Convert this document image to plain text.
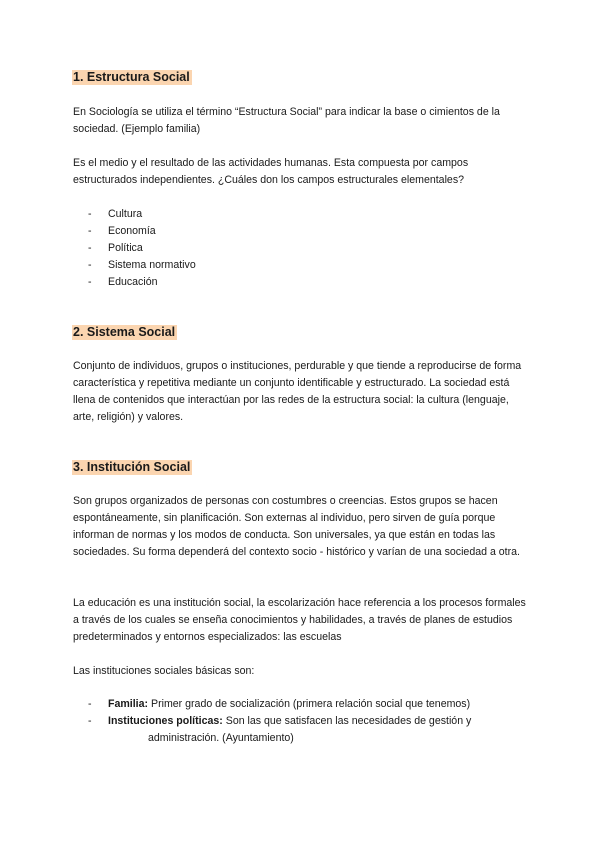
1. Estructura Social

En Sociología se utiliza el término “Estructura Social” para indicar la base o cimientos de la sociedad. (Ejemplo familia)

Es el medio y el resultado de las actividades humanas. Esta compuesta por campos estructurados independientes. ¿Cuáles don los campos estructurales elementales?

- Cultura
- Economía
- Política
- Sistema normativo
- Educación
2. Sistema Social

Conjunto de individuos, grupos o instituciones, perdurable y que tiende a reproducirse de forma característica y repetitiva mediante un conjunto identificable y estructurado. La sociedad está llena de contenidos que interactúan por las redes de la estructura social: la cultura (lenguaje, arte, religión) y valores.

3. Institución Social

Son grupos organizados de personas con costumbres o creencias. Estos grupos se hacen espontáneamente, sin planificación. Son externas al individuo, pero sirven de guía porque informan de normas y los modos de conducta. Son universales, ya que están en todas las sociedades. Su forma dependerá del contexto socio - histórico y varían de una sociedad a otra.

La educación es una institución social, la escolarización hace referencia a los procesos formales a través de los cuales se enseña conocimientos y habilidades, a través de planes de estudios predeterminados y entornos especializados: las escuelas

Las instituciones sociales básicas son:

- Familia: Primer grado de socialización (primera relación social que tenemos)
- Instituciones políticas: Son las que satisfacen las necesidades de gestión y
administración. (Ayuntamiento)
